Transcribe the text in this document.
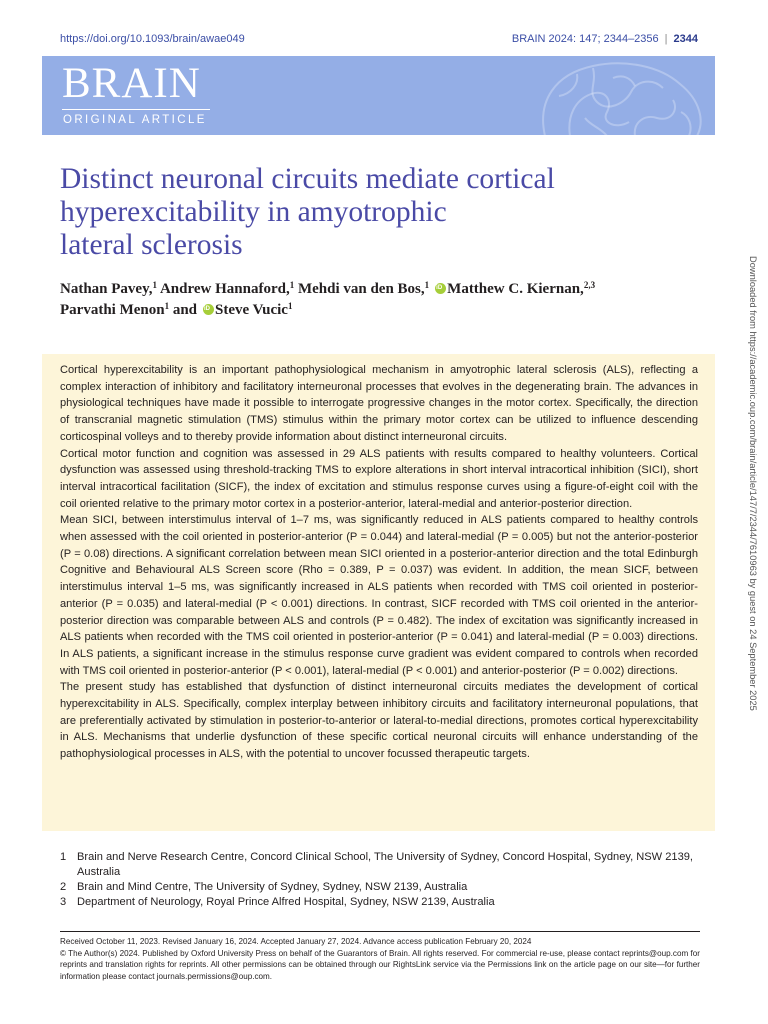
https://doi.org/10.1093/brain/awae049	BRAIN 2024: 147; 2344–2356 | 2344
BRAIN
ORIGINAL ARTICLE
Distinct neuronal circuits mediate cortical
hyperexcitability in amyotrophic
lateral sclerosis
Nathan Pavey,$^1$ Andrew Hannaford,$^1$ Mehdi van den Bos,$^1$ iD Matthew C. Kiernan,$^{2,3}$
Parvathi Menon$^1$ and iD Steve Vucic$^1$

Cortical hyperexcitability is an important pathophysiological mechanism in amyotrophic lateral sclerosis (ALS), reflecting a complex interaction of inhibitory and facilitatory interneuronal processes that evolves in the degenerating brain. The advances in physiological techniques have made it possible to interrogate progressive changes in the motor cortex. Specifically, the direction of transcranial magnetic stimulation (TMS) stimulus within the primary motor cortex can be utilized to influence descending corticospinal volleys and to thereby provide information about distinct interneuronal circuits.

Cortical motor function and cognition was assessed in 29 ALS patients with results compared to healthy volunteers. Cortical dysfunction was assessed using threshold-tracking TMS to explore alterations in short interval intracortical inhibition (SICI), short interval intracortical facilitation (SICF), the index of excitation and stimulus response curves using a figure-of-eight coil with the coil oriented relative to the primary motor cortex in a posterior-anterior, lateral-medial and anterior-posterior direction.

Mean SICI, between interstimulus interval of 1–7 ms, was significantly reduced in ALS patients compared to healthy controls when assessed with the coil oriented in posterior-anterior (P = 0.044) and lateral-medial (P = 0.005) but not the anterior-posterior (P = 0.08) directions. A significant correlation between mean SICI oriented in a posterior-anterior direction and the total Edinburgh Cognitive and Behavioural ALS Screen score (Rho = 0.389, P = 0.037) was evident. In addition, the mean SICF, between interstimulus interval 1–5 ms, was significantly increased in ALS patients when recorded with TMS coil oriented in posterior-anterior (P = 0.035) and lateral-medial (P < 0.001) directions. In contrast, SICF recorded with TMS coil oriented in the anterior-posterior direction was comparable between ALS and controls (P = 0.482). The index of excitation was significantly increased in ALS patients when recorded with the TMS coil oriented in posterior-anterior (P = 0.041) and lateral-medial (P = 0.003) directions. In ALS patients, a significant increase in the stimulus response curve gradient was evident compared to controls when recorded with TMS coil oriented in posterior-anterior (P < 0.001), lateral-medial (P < 0.001) and anterior-posterior (P = 0.002) directions.

The present study has established that dysfunction of distinct interneuronal circuits mediates the development of cortical hyperexcitability in ALS. Specifically, complex interplay between inhibitory circuits and facilitatory interneuronal populations, that are preferentially activated by stimulation in posterior-to-anterior or lateral-to-medial directions, promotes cortical hyperexcitability in ALS. Mechanisms that underlie dysfunction of these specific cortical neuronal circuits will enhance understanding of the pathophysiological processes in ALS, with the potential to uncover focussed therapeutic targets.

1 Brain and Nerve Research Centre, Concord Clinical School, The University of Sydney, Concord Hospital, Sydney, NSW 2139, Australia
2 Brain and Mind Centre, The University of Sydney, Sydney, NSW 2139, Australia
3 Department of Neurology, Royal Prince Alfred Hospital, Sydney, NSW 2139, Australia

Received October 11, 2023. Revised January 16, 2024. Accepted January 27, 2024. Advance access publication February 20, 2024

© The Author(s) 2024. Published by Oxford University Press on behalf of the Guarantors of Brain. All rights reserved. For commercial re-use, please contact reprints@oup.com for reprints and translation rights for reprints. All other permissions can be obtained through our RightsLink service via the Permissions link on the article page on our site—for further information please contact journals.permissions@oup.com.

Downloaded from https://academic.oup.com/brain/article/147/7/2344/7610963 by guest on 24 September 2025
